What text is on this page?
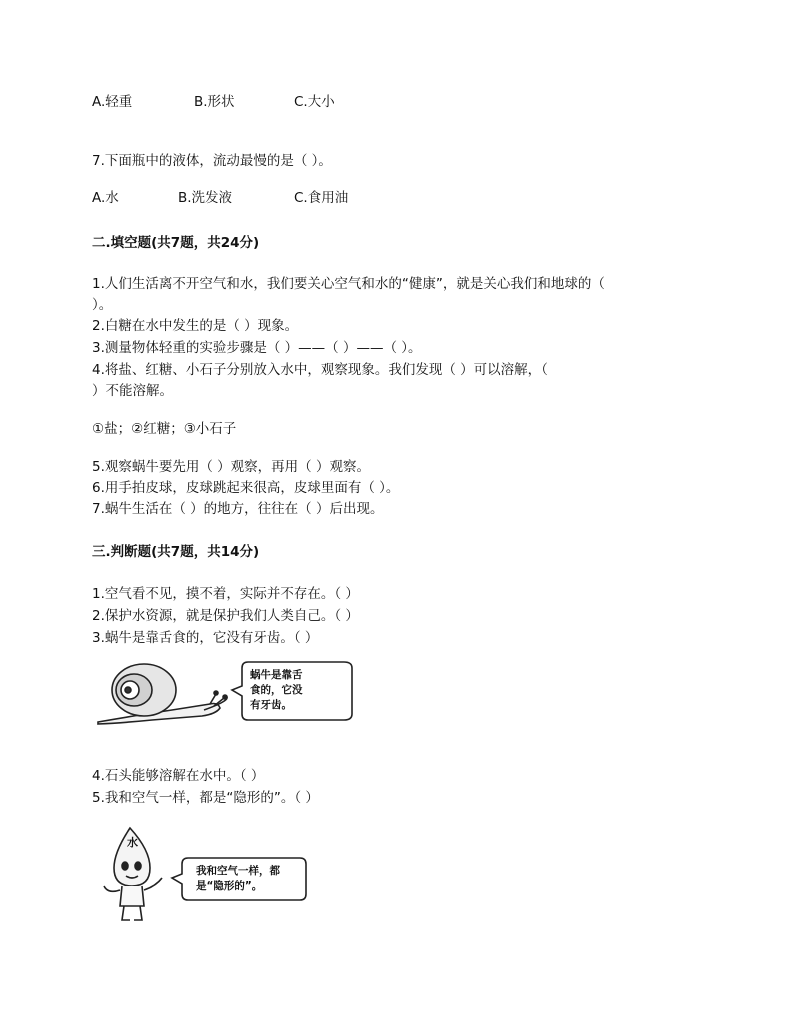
A.轻重	B.形状	C.大小
7.下面瓶中的液体，流动最慢的是（ ）。
A.水	B.洗发液	C.食用油
二.填空题(共7题，共24分)
1.人们生活离不开空气和水，我们要关心空气和水的“健康”，就是关心我们和地球的（
）。
2.白糖在水中发生的是（ ）现象。
3.测量物体轻重的实验步骤是（ ）——（ ）——（ ）。
4.将盐、红糖、小石子分别放入水中，观察现象。我们发现（ ）可以溶解，（
）不能溶解。
①盐；②红糖；③小石子
5.观察蜗牛要先用（ ）观察，再用（ ）观察。
6.用手拍皮球，皮球跳起来很高，皮球里面有（ ）。
7.蜗牛生活在（ ）的地方，往往在（ ）后出现。
三.判断题(共7题，共14分)
1.空气看不见，摸不着，实际并不存在。（ ）
2.保护水资源，就是保护我们人类自己。（ ）
3.蜗牛是靠舌食的，它没有牙齿。（ ）
蜗牛是靠舌
食的，它没
有牙齿。
4.石头能够溶解在水中。（ ）
5.我和空气一样，都是“隐形的”。（ ）
水
我和空气一样，都
是“隐形的”。
